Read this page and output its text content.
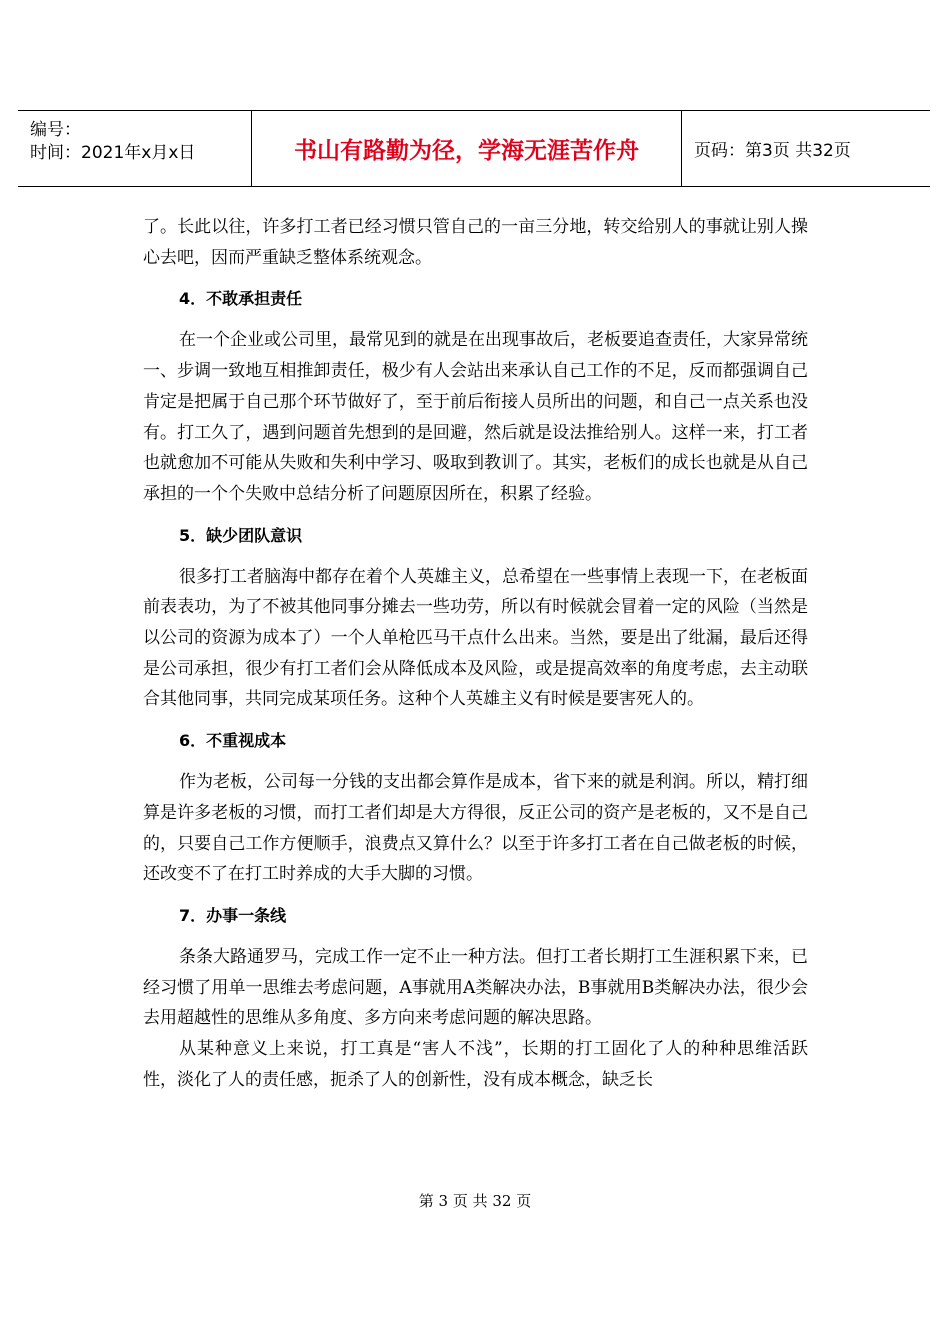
编号：
时间：2021年x月x日	书山有路勤为径，学海无涯苦作舟	页码：第3页 共32页

了。长此以往，许多打工者已经习惯只管自己的一亩三分地，转交给别人的事就让别人操心去吧，因而严重缺乏整体系统观念。

4．不敢承担责任

在一个企业或公司里，最常见到的就是在出现事故后，老板要追查责任，大家异常统一、步调一致地互相推卸责任，极少有人会站出来承认自己工作的不足，反而都强调自己肯定是把属于自己那个环节做好了，至于前后衔接人员所出的问题，和自己一点关系也没有。打工久了，遇到问题首先想到的是回避，然后就是设法推给别人。这样一来，打工者也就愈加不可能从失败和失利中学习、吸取到教训了。其实，老板们的成长也就是从自己承担的一个个失败中总结分析了问题原因所在，积累了经验。

5．缺少团队意识

很多打工者脑海中都存在着个人英雄主义，总希望在一些事情上表现一下，在老板面前表表功，为了不被其他同事分摊去一些功劳，所以有时候就会冒着一定的风险（当然是以公司的资源为成本了）一个人单枪匹马干点什么出来。当然，要是出了纰漏，最后还得是公司承担，很少有打工者们会从降低成本及风险，或是提高效率的角度考虑，去主动联合其他同事，共同完成某项任务。这种个人英雄主义有时候是要害死人的。

6．不重视成本

作为老板，公司每一分钱的支出都会算作是成本，省下来的就是利润。所以，精打细算是许多老板的习惯，而打工者们却是大方得很，反正公司的资产是老板的，又不是自己的，只要自己工作方便顺手，浪费点又算什么？以至于许多打工者在自己做老板的时候，还改变不了在打工时养成的大手大脚的习惯。

7．办事一条线

条条大路通罗马，完成工作一定不止一种方法。但打工者长期打工生涯积累下来，已经习惯了用单一思维去考虑问题，A事就用A类解决办法，B事就用B类解决办法，很少会去用超越性的思维从多角度、多方向来考虑问题的解决思路。

从某种意义上来说，打工真是“害人不浅”，长期的打工固化了人的种种思维活跃性，淡化了人的责任感，扼杀了人的创新性，没有成本概念，缺乏长

第 3 页 共 32 页
